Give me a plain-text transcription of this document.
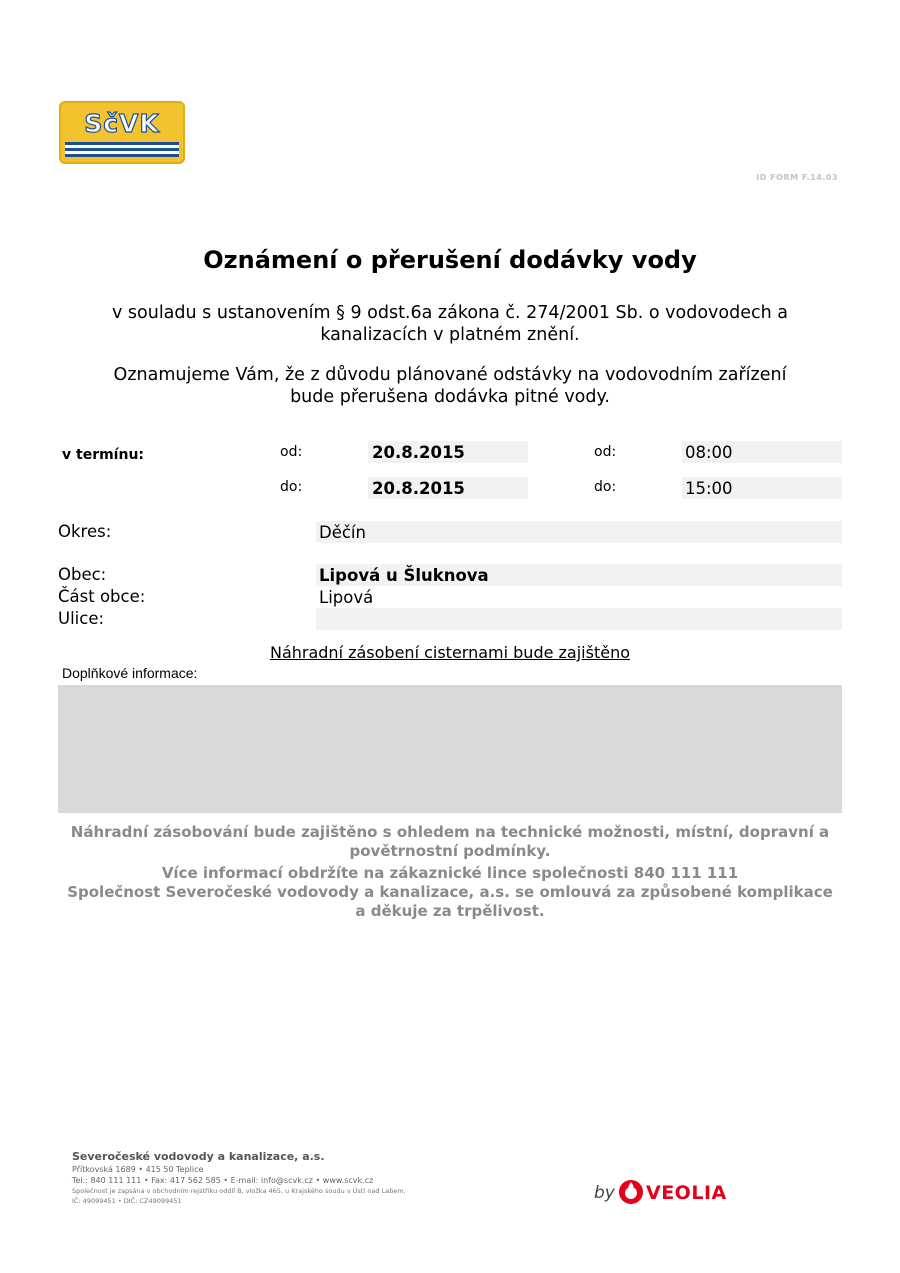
SčVK
ID FORM F.14.03
Oznámení o přerušení dodávky vody
v souladu s ustanovením § 9 odst.6a zákona č. 274/2001 Sb. o vodovodech a
kanalizacích v platném znění.
Oznamujeme Vám, že z důvodu plánované odstávky na vodovodním zařízení
bude přerušena dodávka pitné vody.
v termínu:	od:	20.8.2015	od:	08:00
do:	20.8.2015	do:	15:00
Okres:	Děčín
Obec:	Lipová u Šluknova
Část obce:	Lipová
Ulice:
Náhradní zásobení cisternami bude zajištěno
Doplňkové informace:
Náhradní zásobování bude zajištěno s ohledem na technické možnosti, místní, dopravní a
povětrnostní podmínky.
Více informací obdržíte na zákaznické lince společnosti 840 111 111
Společnost Severočeské vodovody a kanalizace, a.s. se omlouvá za způsobené komplikace
a děkuje za trpělivost.
Severočeské vodovody a kanalizace, a.s.
Přítkovská 1689 • 415 50 Teplice
Tel.: 840 111 111 • Fax: 417 562 585 • E-mail: info@scvk.cz • www.scvk.cz
Společnost je zapsána v obchodním rejstříku oddíl B, vložka 465, u Krajského soudu v Ústí nad Labem.
IČ: 49099451 • DIČ: CZ49099451	by VEOLIA
